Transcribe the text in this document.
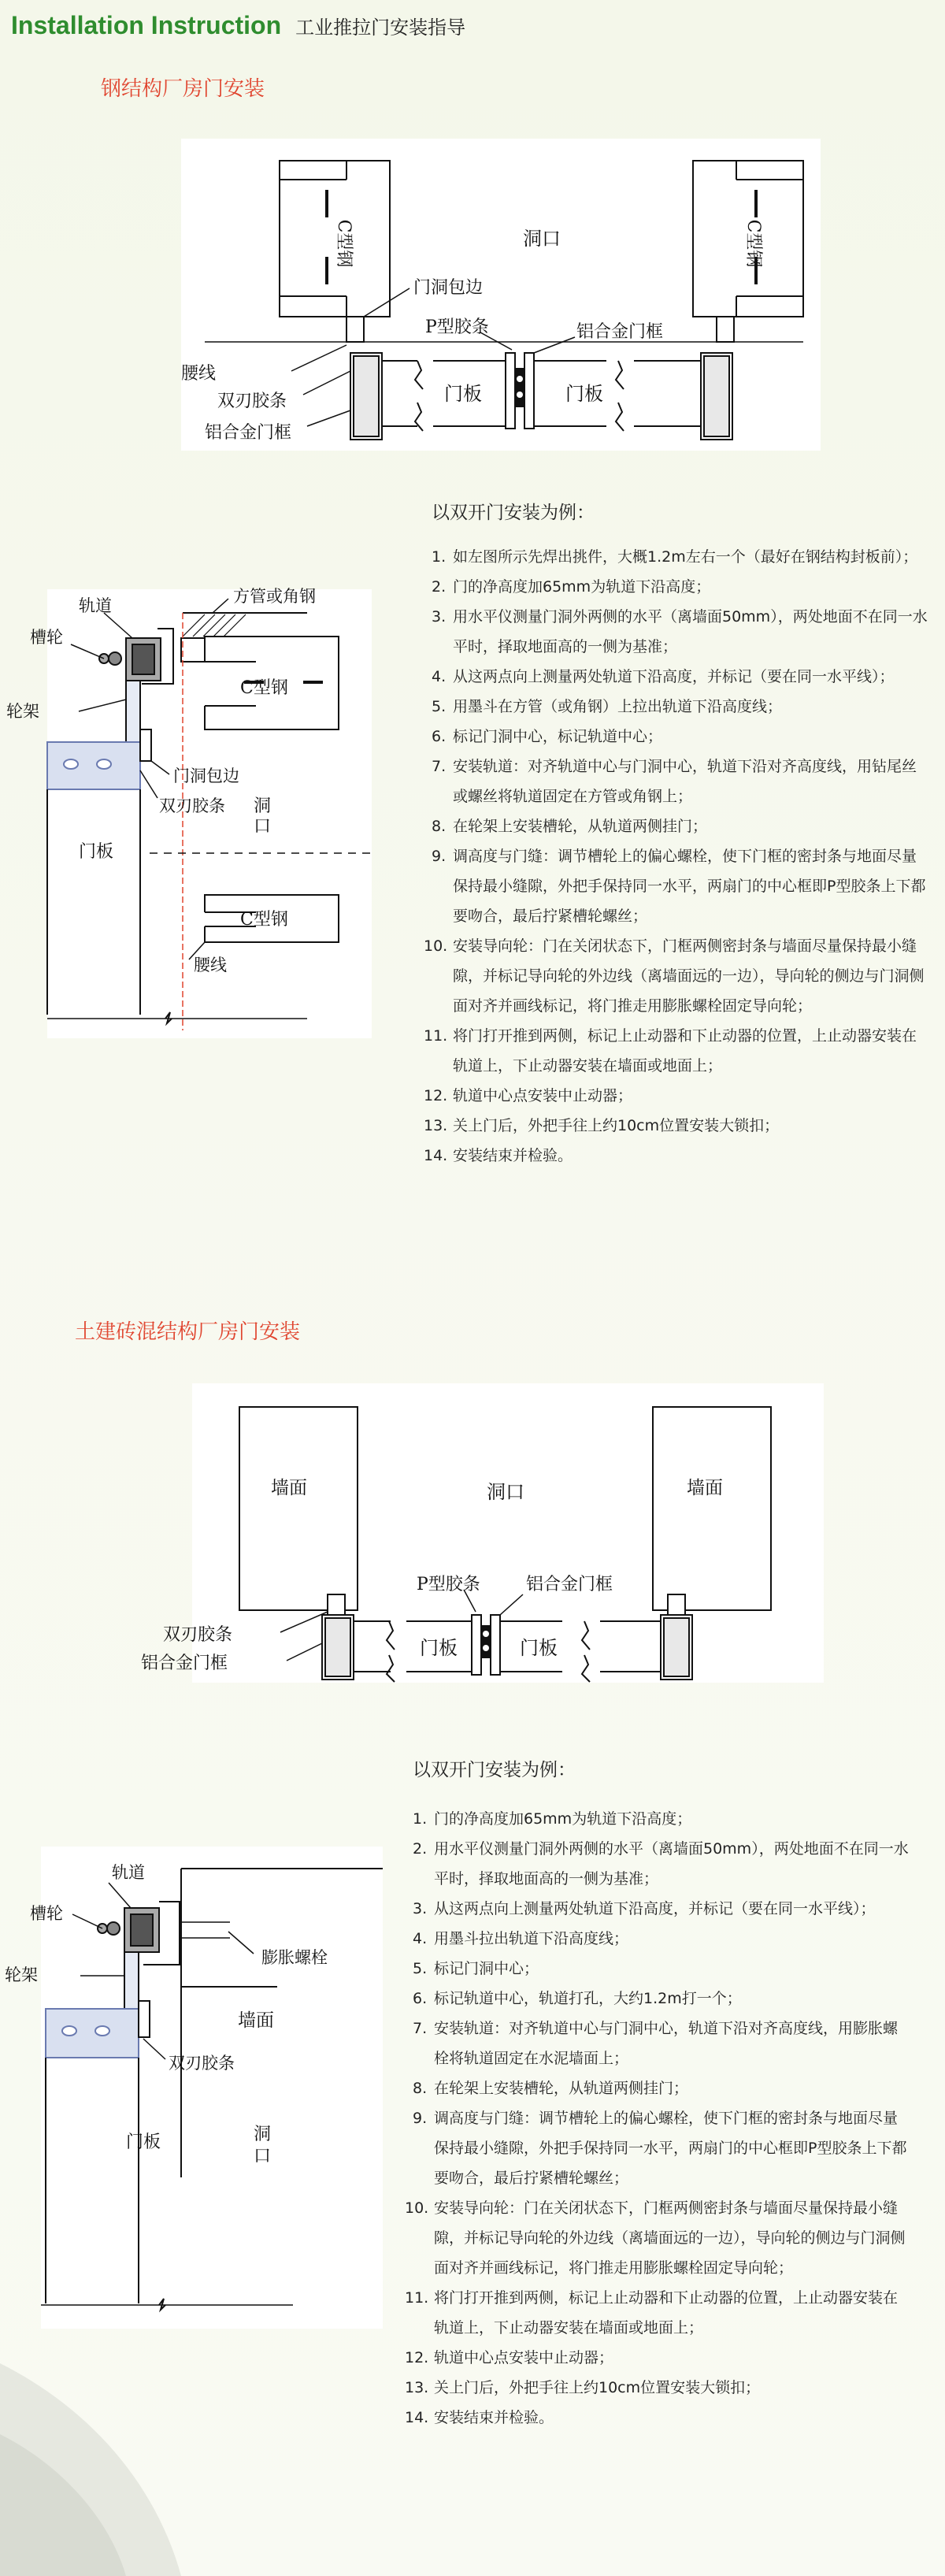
Installation Instruction 工业推拉门安装指导
钢结构厂房门安装
C型钢	C型钢
洞口
门洞包边
P型胶条	铝合金门框
腰线
双刃胶条
铝合金门框
门板	门板
方管或角钢
轨道
槽轮
C型钢
轮架
门洞包边
双刃胶条 洞
口
门板
C型钢
腰线
以双开门安装为例：
1. 如左图所示先焊出挑件，大概1.2m左右一个（最好在钢结构封板前）；
2. 门的净高度加65mm为轨道下沿高度；
3. 用水平仪测量门洞外两侧的水平（离墙面50mm），两处地面不在同一水平时，择取地面高的一侧为基准；
4. 从这两点向上测量两处轨道下沿高度，并标记（要在同一水平线）；
5. 用墨斗在方管（或角钢）上拉出轨道下沿高度线；
6. 标记门洞中心，标记轨道中心；
7. 安装轨道：对齐轨道中心与门洞中心，轨道下沿对齐高度线，用钻尾丝或螺丝将轨道固定在方管或角钢上；
8. 在轮架上安装槽轮，从轨道两侧挂门；
9. 调高度与门缝：调节槽轮上的偏心螺栓，使下门框的密封条与地面尽量保持最小缝隙，外把手保持同一水平，两扇门的中心框即P型胶条上下都要吻合，最后拧紧槽轮螺丝；
10. 安装导向轮：门在关闭状态下，门框两侧密封条与墙面尽量保持最小缝隙，并标记导向轮的外边线（离墙面远的一边），导向轮的侧边与门洞侧面对齐并画线标记，将门推走用膨胀螺栓固定导向轮；
11. 将门打开推到两侧，标记上止动器和下止动器的位置，上止动器安装在轨道上，下止动器安装在墙面或地面上；
12. 轨道中心点安装中止动器；
13. 关上门后，外把手往上约10cm位置安装大锁扣；
14. 安装结束并检验。
土建砖混结构厂房门安装
墙面	墙面
洞口
P型胶条	铝合金门框
双刃胶条
铝合金门框
门板	门板
轨道
槽轮
膨胀螺栓
轮架
墙面
双刃胶条
门板	洞
口
以双开门安装为例：
1. 门的净高度加65mm为轨道下沿高度；
2. 用水平仪测量门洞外两侧的水平（离墙面50mm），两处地面不在同一水平时，择取地面高的一侧为基准；
3. 从这两点向上测量两处轨道下沿高度，并标记（要在同一水平线）；
4. 用墨斗拉出轨道下沿高度线；
5. 标记门洞中心；
6. 标记轨道中心，轨道打孔，大约1.2m打一个；
7. 安装轨道：对齐轨道中心与门洞中心，轨道下沿对齐高度线，用膨胀螺栓将轨道固定在水泥墙面上；
8. 在轮架上安装槽轮，从轨道两侧挂门；
9. 调高度与门缝：调节槽轮上的偏心螺栓，使下门框的密封条与地面尽量保持最小缝隙，外把手保持同一水平，两扇门的中心框即P型胶条上下都要吻合，最后拧紧槽轮螺丝；
10. 安装导向轮：门在关闭状态下，门框两侧密封条与墙面尽量保持最小缝隙，并标记导向轮的外边线（离墙面远的一边），导向轮的侧边与门洞侧面对齐并画线标记，将门推走用膨胀螺栓固定导向轮；
11. 将门打开推到两侧，标记上止动器和下止动器的位置，上止动器安装在轨道上，下止动器安装在墙面或地面上；
12. 轨道中心点安装中止动器；
13. 关上门后，外把手往上约10cm位置安装大锁扣；
14. 安装结束并检验。
